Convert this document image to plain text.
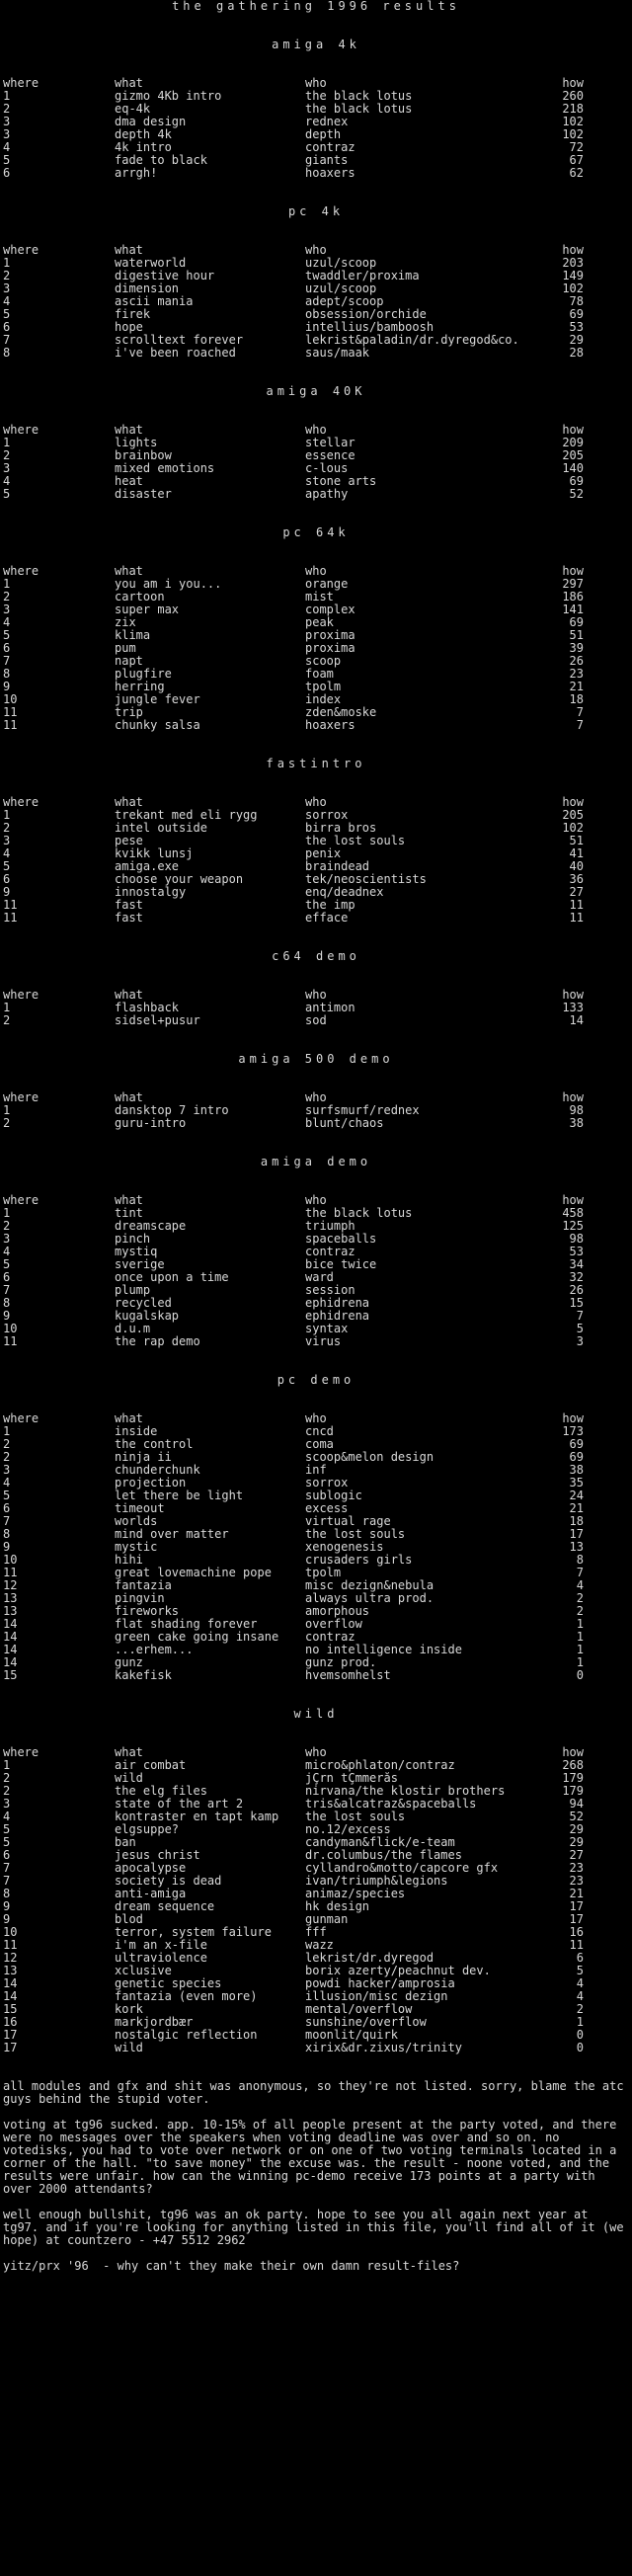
the gathering 1996 results
amiga 4k
where	what	who	how
1	gizmo 4Kb intro	the black lotus	260
2	eq-4k	the black lotus	218
3	dma design	rednex	102
3	depth 4k	depth	102
4	4k intro	contraz	72
5	fade to black	giants	67
6	arrgh!	hoaxers	62
pc 4k
where	what	who	how
1	waterworld	uzul/scoop	203
2	digestive hour	twaddler/proxima	149
3	dimension	uzul/scoop	102
4	ascii mania	adept/scoop	78
5	firek	obsession/orchide	69
6	hope	intellius/bamboosh	53
7	scrolltext forever	lekrist&paladin/dr.dyregod&co.	29
8	i've been roached	saus/maak	28
amiga 40K
where	what	who	how
1	lights	stellar	209
2	brainbow	essence	205
3	mixed emotions	c-lous	140
4	heat	stone arts	69
5	disaster	apathy	52
pc 64k
where	what	who	how
1	you am i you...	orange	297
2	cartoon	mist	186
3	super max	complex	141
4	zix	peak	69
5	klima	proxima	51
6	pum	proxima	39
7	napt	scoop	26
8	plugfire	foam	23
9	herring	tpolm	21
10	jungle fever	index	18
11	trip	zden&moske	7
11	chunky salsa	hoaxers	7
fastintro
where	what	who	how
1	trekant med eli rygg	sorrox	205
2	intel outside	birra bros	102
3	pese	the lost souls	51
4	kvikk lunsj	penix	41
5	amiga.exe	braindead	40
6	choose your weapon	tek/neoscientists	36
9	innostalgy	enq/deadnex	27
11	fast	the imp	11
11	fast	efface	11
c64 demo
where	what	who	how
1	flashback	antimon	133
2	sidsel+pusur	sod	14
amiga 500 demo
where	what	who	how
1	dansktop 7 intro	surfsmurf/rednex	98
2	guru-intro	blunt/chaos	38
amiga demo
where	what	who	how
1	tint	the black lotus	458
2	dreamscape	triumph	125
3	pinch	spaceballs	98
4	mystiq	contraz	53
5	sverige	bice twice	34
6	once upon a time	ward	32
7	plump	session	26
8	recycled	ephidrena	15
9	kugalskap	ephidrena	7
10	d.u.m	syntax	5
11	the rap demo	virus	3
pc demo
where	what	who	how
1	inside	cncd	173
2	the control	coma	69
2	ninja ii	scoop&melon design	69
3	chunderchunk	inf	38
4	projection	sorrox	35
5	let there be light	sublogic	24
6	timeout	excess	21
7	worlds	virtual rage	18
8	mind over matter	the lost souls	17
9	mystic	xenogenesis	13
10	hihi	crusaders girls	8
11	great lovemachine pope	tpolm	7
12	fantazia	misc dezign&nebula	4
13	pingvin	always ultra prod.	2
13	fireworks	amorphous	2
14	flat shading forever	overflow	1
14	green cake going insane	contraz	1
14	...erhem...	no intelligence inside	1
14	gunz	gunz prod.	1
15	kakefisk	hvemsomhelst	0
wild
where	what	who	how
1	air combat	micro&phlaton/contraz	268
2	wild	jÇrn tÇmmerås	179
2	the elg files	nirvana/the klostir brothers	179
3	state of the art 2	tris&alcatraz&spaceballs	94
4	kontraster en tapt kamp	the lost souls	52
5	elgsuppe?	no.12/excess	29
5	ban	candyman&flick/e-team	29
6	jesus christ	dr.columbus/the flames	27
7	apocalypse	cyllandro&motto/capcore gfx	23
7	society is dead	ivan/triumph&legions	23
8	anti-amiga	animaz/species	21
9	dream sequence	hk design	17
9	blod	gunman	17
10	terror, system failure	fff	16
11	i'm an x-file	wazz	11
12	ultraviolence	lekrist/dr.dyregod	6
13	xclusive	borix azerty/peachnut dev.	5
14	genetic species	powdi hacker/amprosia	4
14	fantazia (even more)	illusion/misc dezign	4
15	kork	mental/overflow	2
16	markjordbær	sunshine/overflow	1
17	nostalgic reflection	moonlit/quirk	0
17	wild	xirix&dr.zixus/trinity	0
all modules and gfx and shit was anonymous, so they're not listed. sorry, blame the atc guys behind the stupid voter.
voting at tg96 sucked. app. 10-15% of all people present at the party voted, and there were no messages over the speakers when voting deadline was over and so on. no votedisks, you had to vote over network or on one of two voting terminals located in a corner of the hall. "to save money" the excuse was. the result - noone voted, and the results were unfair. how can the winning pc-demo receive 173 points at a party with over 2000 attendants?
well enough bullshit, tg96 was an ok party. hope to see you all again next year at tg97. and if you're looking for anything listed in this file, you'll find all of it (we hope) at countzero - +47 5512 2962
yitz/prx '96  - why can't they make their own damn result-files?
